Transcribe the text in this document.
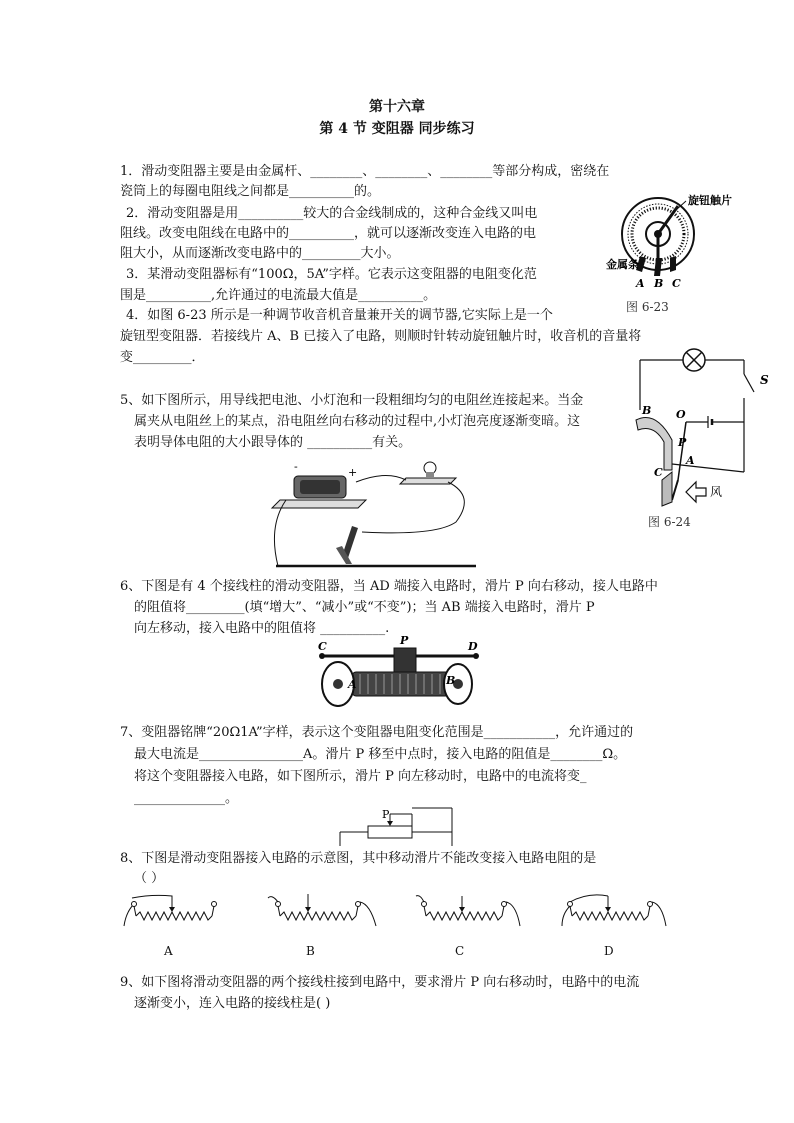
第十六章
第 4 节 变阻器 同步练习
1．滑动变阻器主要是由金属杆、________、________、________等部分构成，密绕在
瓷筒上的每圈电阻线之间都是__________的。
2．滑动变阻器是用__________较大的合金线制成的，这种合金线又叫电
阻线。改变电阻线在电路中的__________，就可以逐渐改变连入电路的电
阻大小，从而逐渐改变电路中的_________大小。
3．某滑动变阻器标有“100Ω，5A”字样。它表示这变阻器的电阻变化范
围是__________,允许通过的电流最大值是__________。
4．如图 6-23 所示是一种调节收音机音量兼开关的调节器,它实际上是一个
旋钮型变阻器．若接线片 A、B 已接入了电路，则顺时针转动旋钮触片时，收音机的音量将
变_________．
旋钮触片
金属条
A B C
图 6-23
5、如下图所示，用导线把电池、小灯泡和一段粗细均匀的电阻丝连接起来。当金
属夹从电阻丝上的某点，沿电阻丝向右移动的过程中,小灯泡亮度逐渐变暗。这
表明导体电阻的大小跟导体的 __________有关。
S
B O
P
A
C
风
图 6-24
-	+
6、下图是有 4 个接线柱的滑动变阻器，当 AD 端接入电路时，滑片 P 向右移动，接人电路中
的阻值将_________(填“增大”、“减小”或“不变”)；当 AB 端接入电路时，滑片 P
向左移动，接入电路中的阻值将 __________.
C	P	D
A	B
7、变阻器铭牌“20Ω1A”字样，表示这个变阻器电阻变化范围是___________，允许通过的
最大电流是________________A。滑片 P 移至中点时，接入电路的阻值是________Ω。
将这个变阻器接入电路，如下图所示，滑片 P 向左移动时，电路中的电流将变_
______________。
P
8、下图是滑动变阻器接入电路的示意图，其中移动滑片不能改变接入电路电阻的是
（ ）
A	B	C	D
9、如下图将滑动变阻器的两个接线柱接到电路中，要求滑片 P 向右移动时，电路中的电流
逐渐变小，连入电路的接线柱是( )
